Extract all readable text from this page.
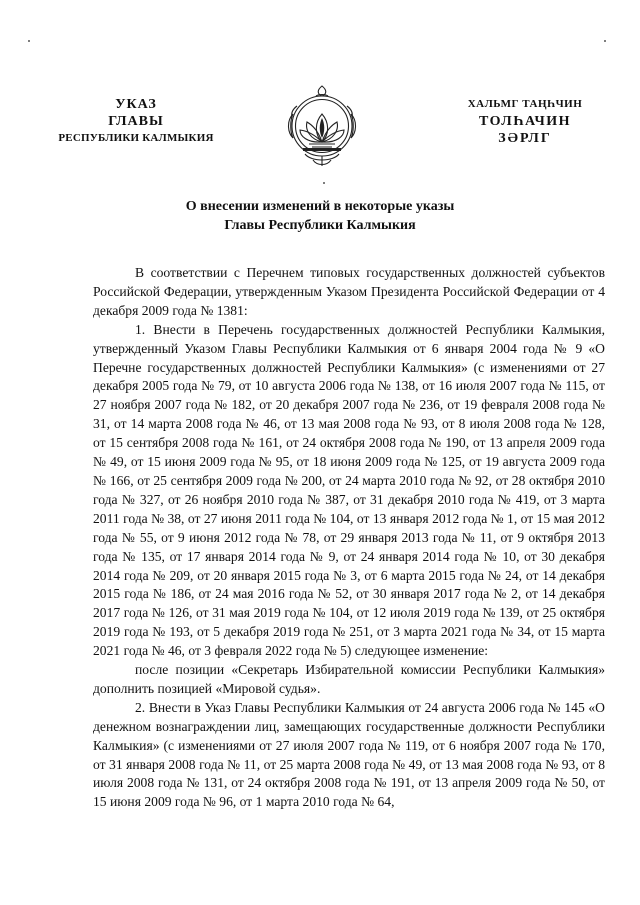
УКАЗ
ГЛАВЫ
РЕСПУБЛИКИ КАЛМЫКИЯ
ХАЛЬМГ ТАҢҺЧИН
ТОЛҺАЧИН
ЗӘРЛГ
О внесении изменений в некоторые указы
Главы Республики Калмыкия

В соответствии с Перечнем типовых государственных должностей субъектов Российской Федерации, утвержденным Указом Президента Российской Федерации от 4 декабря 2009 года № 1381:

1. Внести в Перечень государственных должностей Республики Калмыкия, утвержденный Указом Главы Республики Калмыкия от 6 января 2004 года № 9 «О Перечне государственных должностей Республики Калмыкия» (с изменениями от 27 декабря 2005 года № 79, от 10 августа 2006 года № 138, от 16 июля 2007 года № 115, от 27 ноября 2007 года № 182, от 20 декабря 2007 года № 236, от 19 февраля 2008 года № 31, от 14 марта 2008 года № 46, от 13 мая 2008 года № 93, от 8 июля 2008 года № 128, от 15 сентября 2008 года № 161, от 24 октября 2008 года № 190, от 13 апреля 2009 года № 49, от 15 июня 2009 года № 95, от 18 июня 2009 года № 125, от 19 августа 2009 года № 166, от 25 сентября 2009 года № 200, от 24 марта 2010 года № 92, от 28 октября 2010 года № 327, от 26 ноября 2010 года № 387, от 31 декабря 2010 года № 419, от 3 марта 2011 года № 38, от 27 июня 2011 года № 104, от 13 января 2012 года № 1, от 15 мая 2012 года № 55, от 9 июня 2012 года № 78, от 29 января 2013 года № 11, от 9 октября 2013 года № 135, от 17 января 2014 года № 9, от 24 января 2014 года № 10, от 30 декабря 2014 года № 209, от 20 января 2015 года № 3, от 6 марта 2015 года № 24, от 14 декабря 2015 года № 186, от 24 мая 2016 года № 52, от 30 января 2017 года № 2, от 14 декабря 2017 года № 126, от 31 мая 2019 года № 104, от 12 июля 2019 года № 139, от 25 октября 2019 года № 193, от 5 декабря 2019 года № 251, от 3 марта 2021 года № 34, от 15 марта 2021 года № 46, от 3 февраля 2022 года № 5) следующее изменение:

после позиции «Секретарь Избирательной комиссии Республики Калмыкия» дополнить позицией «Мировой судья».

2. Внести в Указ Главы Республики Калмыкия от 24 августа 2006 года № 145 «О денежном вознаграждении лиц, замещающих государственные должности Республики Калмыкия» (с изменениями от 27 июля 2007 года № 119, от 6 ноября 2007 года № 170, от 31 января 2008 года № 11, от 25 марта 2008 года № 49, от 13 мая 2008 года № 93, от 8 июля 2008 года № 131, от 24 октября 2008 года № 191, от 13 апреля 2009 года № 50, от 15 июня 2009 года № 96, от 1 марта 2010 года № 64,
